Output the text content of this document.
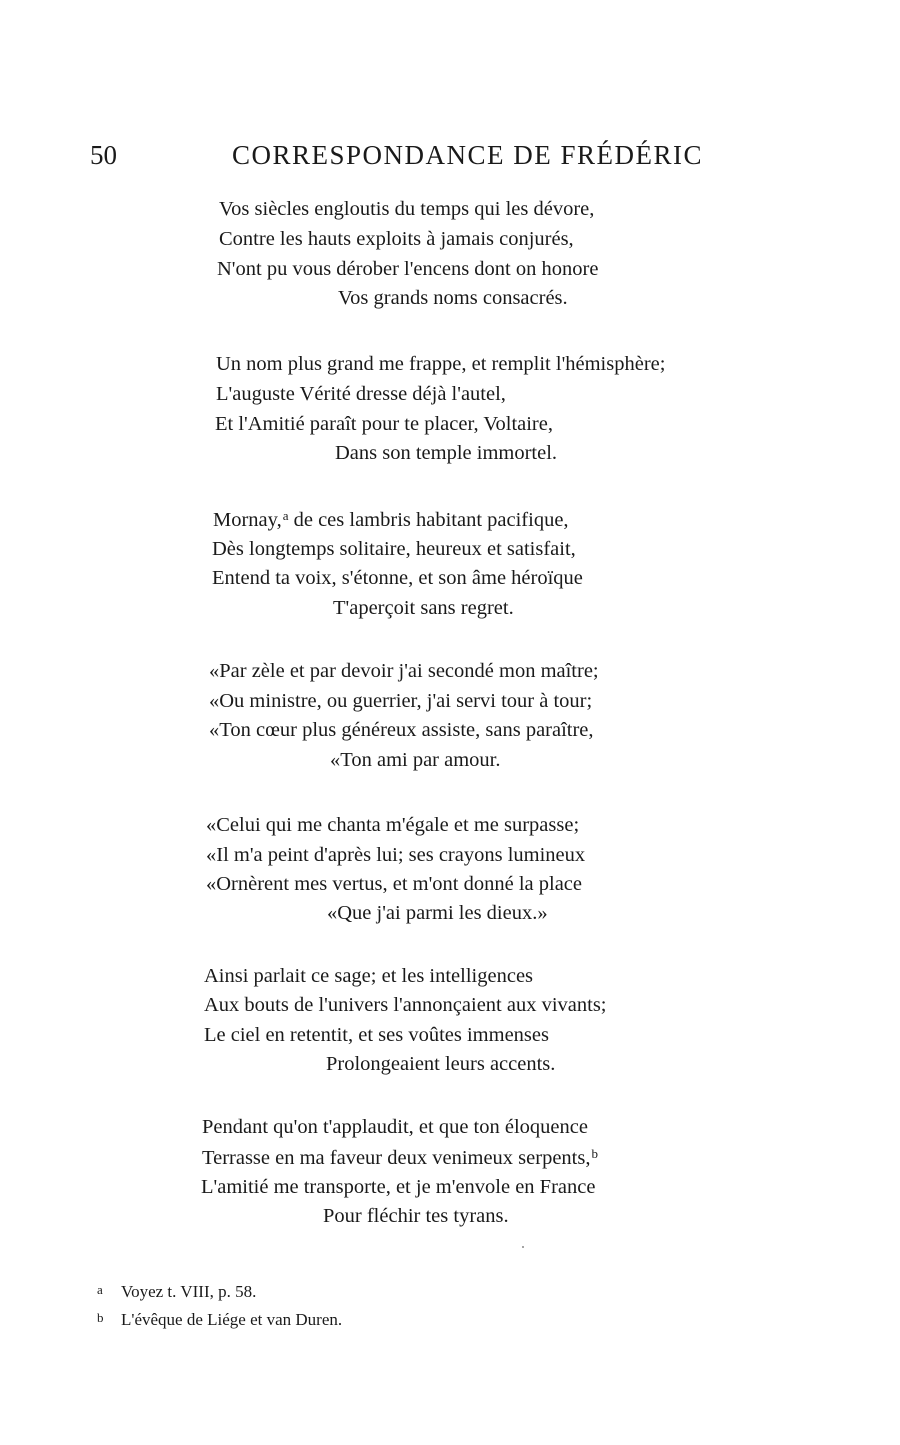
50	CORRESPONDANCE DE FRÉDÉRIC
Vos siècles engloutis du temps qui les dévore,
Contre les hauts exploits à jamais conjurés,
N'ont pu vous dérober l'encens dont on honore
Vos grands noms consacrés.
Un nom plus grand me frappe, et remplit l'hémisphère;
L'auguste Vérité dresse déjà l'autel,
Et l'Amitié paraît pour te placer, Voltaire,
Dans son temple immortel.
Mornay,$^a$ de ces lambris habitant pacifique,
Dès longtemps solitaire, heureux et satisfait,
Entend ta voix, s'étonne, et son âme héroïque
T'aperçoit sans regret.
«Par zèle et par devoir j'ai secondé mon maître;
«Ou ministre, ou guerrier, j'ai servi tour à tour;
«Ton cœur plus généreux assiste, sans paraître,
«Ton ami par amour.
«Celui qui me chanta m'égale et me surpasse;
«Il m'a peint d'après lui; ses crayons lumineux
«Ornèrent mes vertus, et m'ont donné la place
«Que j'ai parmi les dieux.»
Ainsi parlait ce sage; et les intelligences
Aux bouts de l'univers l'annonçaient aux vivants;
Le ciel en retentit, et ses voûtes immenses
Prolongeaient leurs accents.
Pendant qu'on t'applaudit, et que ton éloquence
Terrasse en ma faveur deux venimeux serpents,$^b$
L'amitié me transporte, et je m'envole en France
Pour fléchir tes tyrans.
a Voyez t. VIII, p. 58.
b L'évêque de Liége et van Duren.
